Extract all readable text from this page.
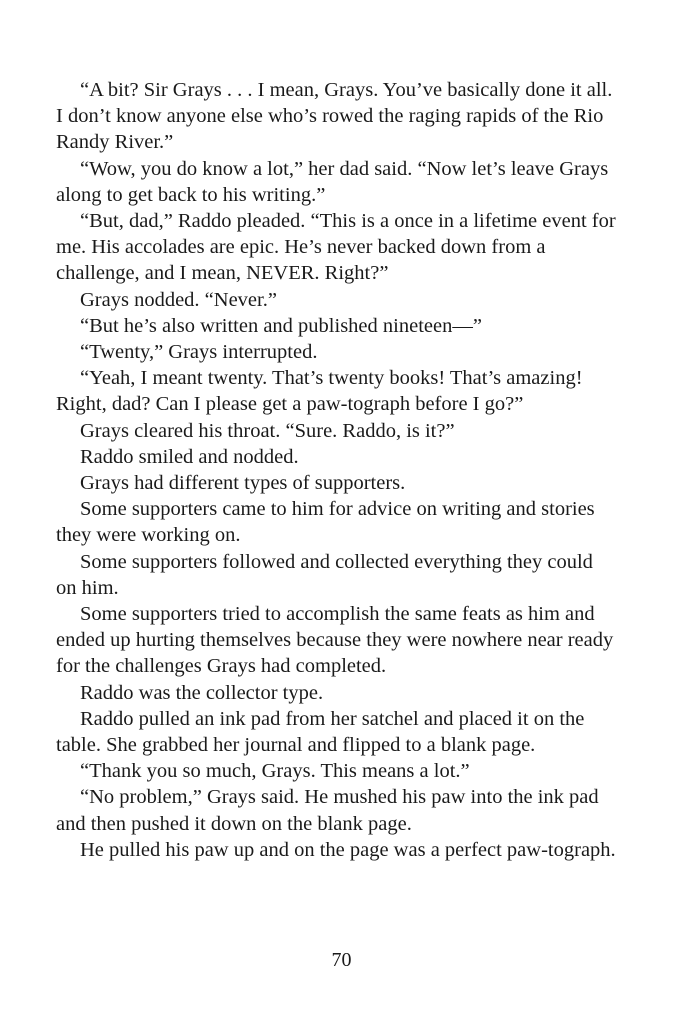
“A bit? Sir Grays . . . I mean, Grays. You’ve basically done it all. I don’t know anyone else who’s rowed the raging rapids of the Rio Randy River.”

“Wow, you do know a lot,” her dad said. “Now let’s leave Grays along to get back to his writing.”

“But, dad,” Raddo pleaded. “This is a once in a lifetime event for me. His accolades are epic. He’s never backed down from a challenge, and I mean, NEVER. Right?”

Grays nodded. “Never.”

“But he’s also written and published nineteen—”

“Twenty,” Grays interrupted.

“Yeah, I meant twenty. That’s twenty books! That’s amazing! Right, dad? Can I please get a paw-tograph before I go?”

Grays cleared his throat. “Sure. Raddo, is it?”

Raddo smiled and nodded.

Grays had different types of supporters.

Some supporters came to him for advice on writing and stories they were working on.

Some supporters followed and collected everything they could on him.

Some supporters tried to accomplish the same feats as him and ended up hurting themselves because they were nowhere near ready for the challenges Grays had completed.

Raddo was the collector type.

Raddo pulled an ink pad from her satchel and placed it on the table. She grabbed her journal and flipped to a blank page.

“Thank you so much, Grays. This means a lot.”

“No problem,” Grays said. He mushed his paw into the ink pad and then pushed it down on the blank page.

He pulled his paw up and on the page was a perfect paw-tograph.

70
